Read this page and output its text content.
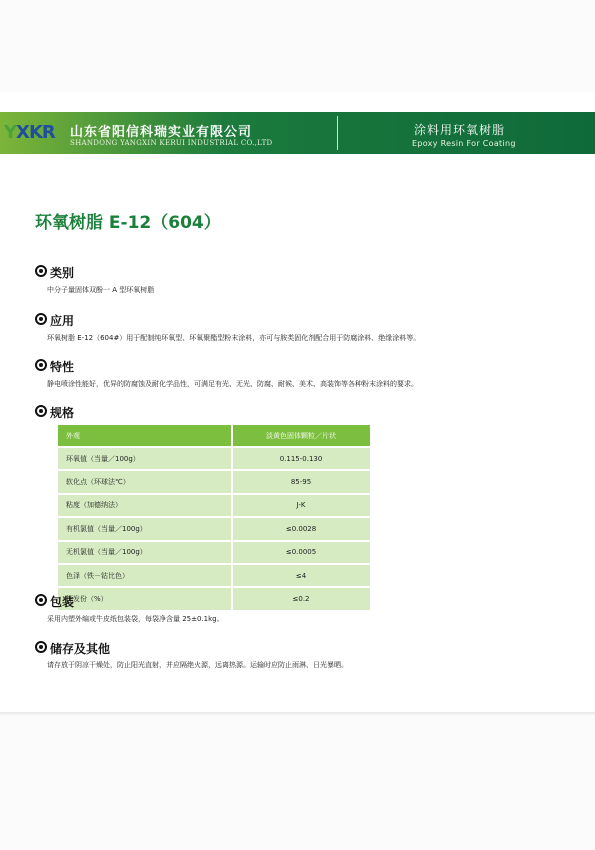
YXKR 山东省阳信科瑞实业有限公司
SHANDONG YANGXIN KERUI INDUSTRIAL CO.,LTD
涂料用环氧树脂
Epoxy Resin For Coating
环氧树脂 E-12（604）
类别
中分子量固体双酚一 A 型环氧树脂
应用
环氧树脂 E-12（604#）用于配制纯环氧型、环氧聚酯型粉末涂料，亦可与胺类固化剂配合用于防腐涂料、绝缘涂料等。
特性
静电喷涂性能好，优异的防腐蚀及耐化学品性，可满足有光、无光、防腐、耐候、美术、高装饰等各种粉末涂料的要求。
规格
外观	淡黄色固体颗粒／片状
环氧值（当量／100g）	0.115-0.130
软化点（环球法℃）	85-95
粘度（加德纳法）	J-K
有机氯值（当量／100g）	≤0.0028
无机氯值（当量／100g）	≤0.0005
色泽（铁－钴比色）	≤4
挥发份（%）	≤0.2
包装
采用内塑外编或牛皮纸包装袋，每袋净含量 25±0.1kg。
储存及其他
请存放于阴凉干燥处，防止阳光直射，并应隔绝火源，远离热源。运输时应防止雨淋、日光暴晒。
